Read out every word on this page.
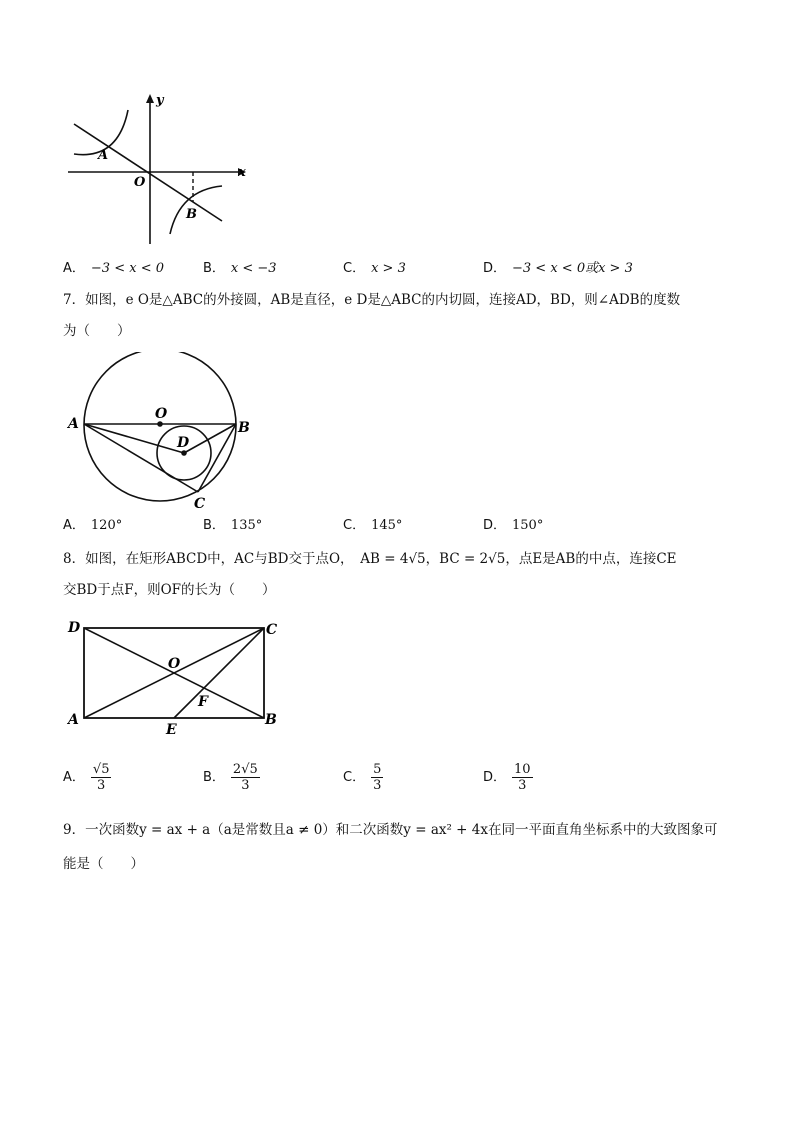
y
x
O
A
B
A． −3 < x < 0	B． x < −3	C． x > 3	D． −3 < x < 0或x > 3
7．如图，e O是△ABC的外接圆，AB是直径，e D是△ABC的内切圆，连接AD，BD，则∠ADB的度数
为（　　）
A	B
C
O
D
A． 120°	B． 135°	C． 145°	D． 150°
8．如图，在矩形ABCD中，AC与BD交于点O，　AB = 4√5，BC = 2√5，点E是AB的中点，连接CE
交BD于点F，则OF的长为（　　）
D	C
A	B
O
E
F
A． $\frac{√5}{3}$	B． $\frac{2√5}{3}$	C． $\frac{5}{3}$	D． $\frac{10}{3}$
9．一次函数y = ax + a（a是常数且a ≠ 0）和二次函数y = ax² + 4x在同一平面直角坐标系中的大致图象可
能是（　　）
